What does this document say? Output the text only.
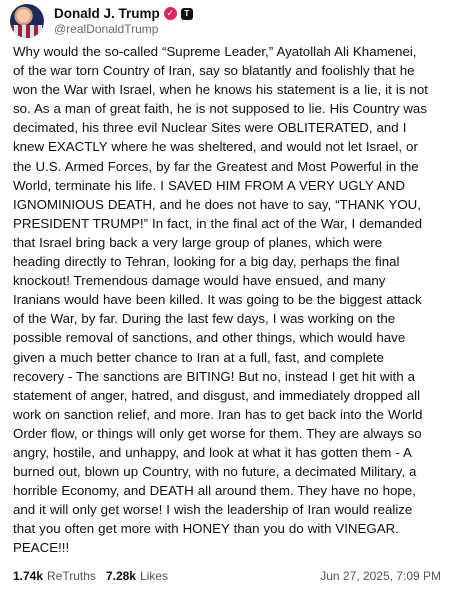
Donald J. Trump ✓	T
@realDonaldTrump
Why would the so-called “Supreme Leader,” Ayatollah Ali Khamenei,
of the war torn Country of Iran, say so blatantly and foolishly that he
won the War with Israel, when he knows his statement is a lie, it is not
so. As a man of great faith, he is not supposed to lie. His Country was
decimated, his three evil Nuclear Sites were OBLITERATED, and I
knew EXACTLY where he was sheltered, and would not let Israel, or
the U.S. Armed Forces, by far the Greatest and Most Powerful in the
World, terminate his life. I SAVED HIM FROM A VERY UGLY AND
IGNOMINIOUS DEATH, and he does not have to say, “THANK YOU,
PRESIDENT TRUMP!” In fact, in the final act of the War, I demanded
that Israel bring back a very large group of planes, which were
heading directly to Tehran, looking for a big day, perhaps the final
knockout! Tremendous damage would have ensued, and many
Iranians would have been killed. It was going to be the biggest attack
of the War, by far. During the last few days, I was working on the
possible removal of sanctions, and other things, which would have
given a much better chance to Iran at a full, fast, and complete
recovery - The sanctions are BITING! But no, instead I get hit with a
statement of anger, hatred, and disgust, and immediately dropped all
work on sanction relief, and more. Iran has to get back into the World
Order flow, or things will only get worse for them. They are always so
angry, hostile, and unhappy, and look at what it has gotten them - A
burned out, blown up Country, with no future, a decimated Military, a
horrible Economy, and DEATH all around them. They have no hope,
and it will only get worse! I wish the leadership of Iran would realize
that you often get more with HONEY than you do with VINEGAR.
PEACE!!!
1.74k ReTruths 7.28k Likes	Jun 27, 2025, 7:09 PM
